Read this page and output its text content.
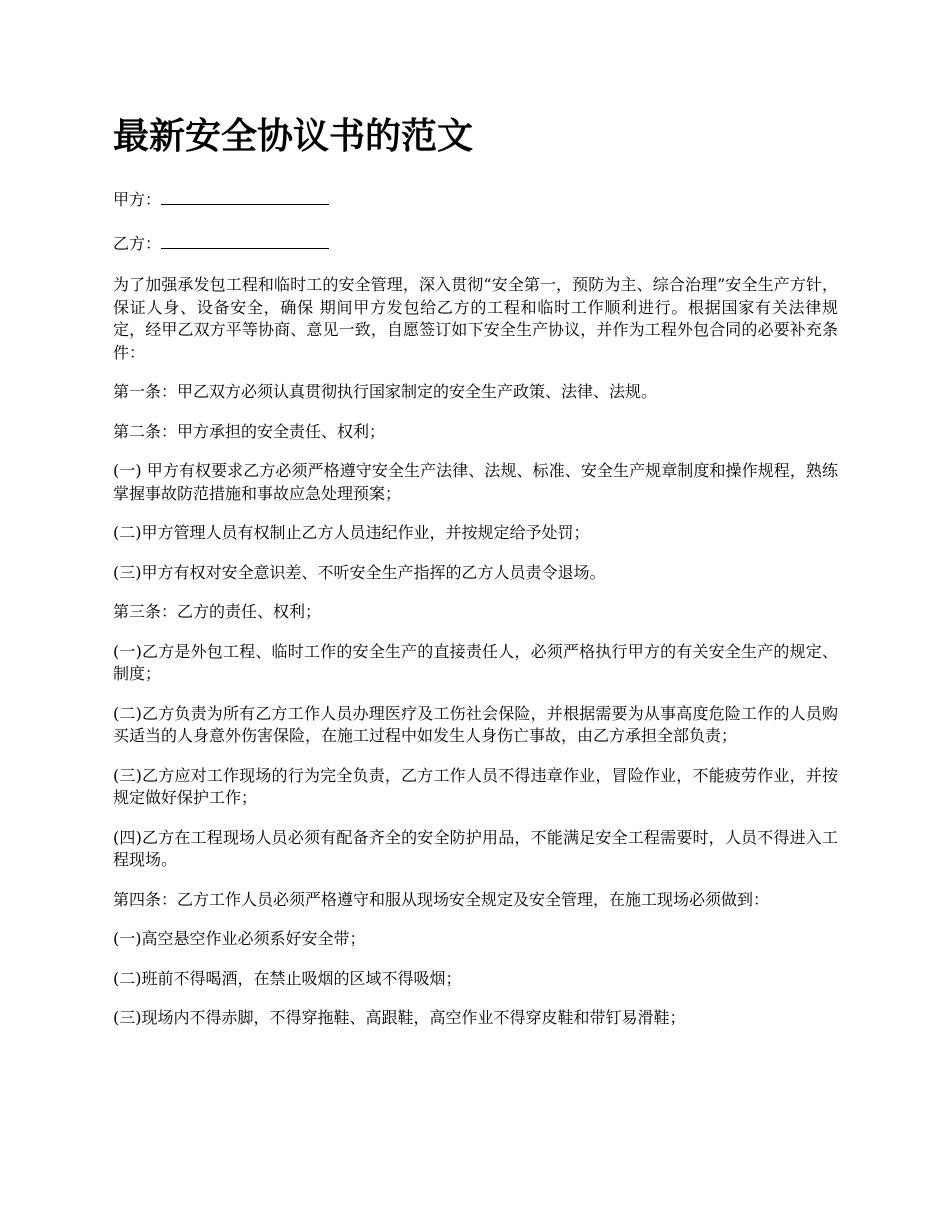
最新安全协议书的范文
甲方：
乙方：

为了加强承发包工程和临时工的安全管理，深入贯彻“安全第一，预防为主、综合治理”安全生产方针，保证人身、设备安全，确保 期间甲方发包给乙方的工程和临时工作顺利进行。根据国家有关法律规定，经甲乙双方平等协商、意见一致，自愿签订如下安全生产协议，并作为工程外包合同的必要补充条件：

第一条：甲乙双方必须认真贯彻执行国家制定的安全生产政策、法律、法规。

第二条：甲方承担的安全责任、权利；

(一) 甲方有权要求乙方必须严格遵守安全生产法律、法规、标准、安全生产规章制度和操作规程，熟练掌握事故防范措施和事故应急处理预案；

(二)甲方管理人员有权制止乙方人员违纪作业，并按规定给予处罚；

(三)甲方有权对安全意识差、不听安全生产指挥的乙方人员责令退场。

第三条：乙方的责任、权利；

(一)乙方是外包工程、临时工作的安全生产的直接责任人，必须严格执行甲方的有关安全生产的规定、制度；

(二)乙方负责为所有乙方工作人员办理医疗及工伤社会保险，并根据需要为从事高度危险工作的人员购买适当的人身意外伤害保险，在施工过程中如发生人身伤亡事故，由乙方承担全部负责；

(三)乙方应对工作现场的行为完全负责，乙方工作人员不得违章作业，冒险作业，不能疲劳作业，并按规定做好保护工作；

(四)乙方在工程现场人员必须有配备齐全的安全防护用品，不能满足安全工程需要时，人员不得进入工程现场。

第四条：乙方工作人员必须严格遵守和服从现场安全规定及安全管理，在施工现场必须做到：

(一)高空悬空作业必须系好安全带；

(二)班前不得喝酒，在禁止吸烟的区域不得吸烟；

(三)现场内不得赤脚，不得穿拖鞋、高跟鞋，高空作业不得穿皮鞋和带钉易滑鞋；
